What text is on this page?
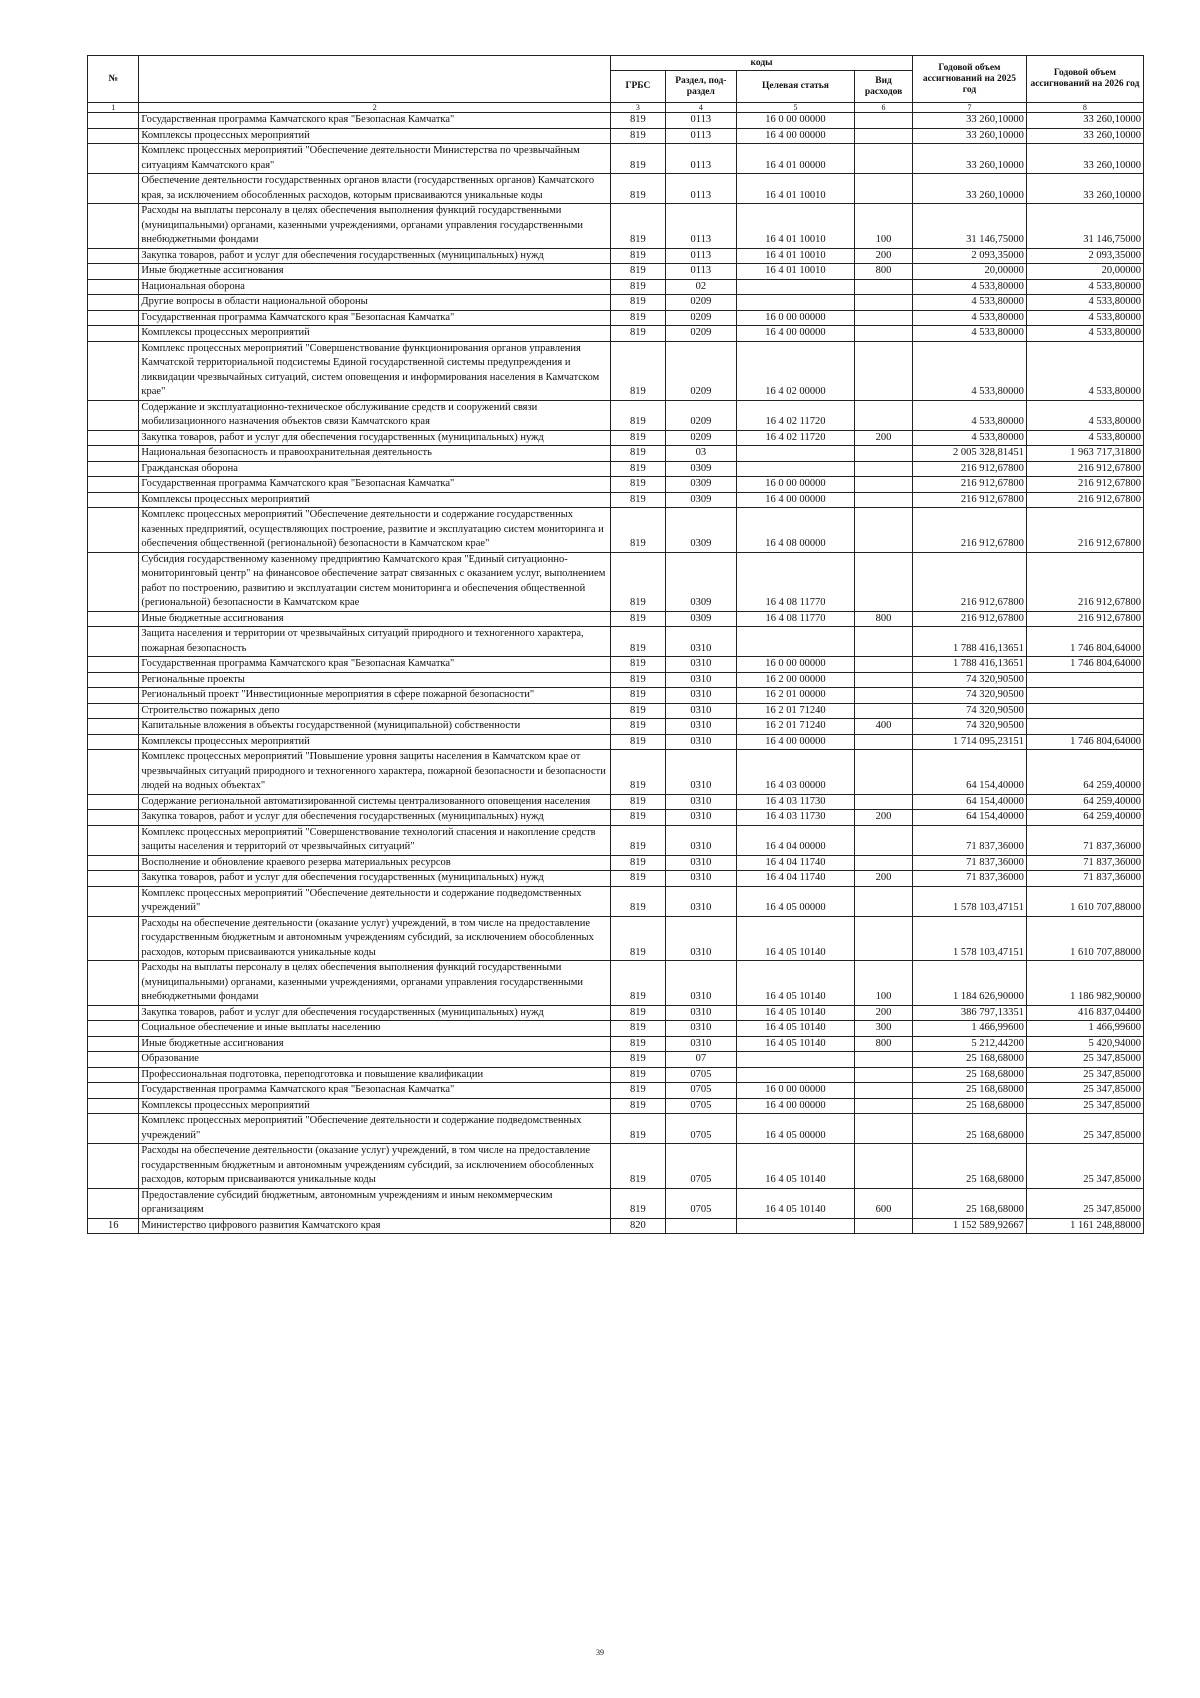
№		коды				Годовой объем ассигнований на 2025 год	Годовой объем ассигнований на 2026 год
		ГРБС	Раздел, под-раздел	Целевая статья	Вид расходов		
1	2	3	4	5	6	7	8
	Государственная программа Камчатского края "Безопасная Камчатка"	819	0113	16 0 00 00000		33 260,10000	33 260,10000
	Комплексы процессных мероприятий	819	0113	16 4 00 00000		33 260,10000	33 260,10000
	Комплекс процессных мероприятий "Обеспечение деятельности Министерства по чрезвычайным ситуациям Камчатского края"	819	0113	16 4 01 00000		33 260,10000	33 260,10000
	Обеспечение деятельности государственных органов власти (государственных органов) Камчатского края, за исключением обособленных расходов, которым присваиваются уникальные коды	819	0113	16 4 01 10010		33 260,10000	33 260,10000
	Расходы на выплаты персоналу в целях обеспечения выполнения функций государственными (муниципальными) органами, казенными учреждениями, органами управления государственными внебюджетными фондами	819	0113	16 4 01 10010	100	31 146,75000	31 146,75000
	Закупка товаров, работ и услуг для обеспечения государственных (муниципальных) нужд	819	0113	16 4 01 10010	200	2 093,35000	2 093,35000
	Иные бюджетные ассигнования	819	0113	16 4 01 10010	800	20,00000	20,00000
	Национальная оборона	819	02			4 533,80000	4 533,80000
	Другие вопросы в области национальной обороны	819	0209			4 533,80000	4 533,80000
	Государственная программа Камчатского края "Безопасная Камчатка"	819	0209	16 0 00 00000		4 533,80000	4 533,80000
	Комплексы процессных мероприятий	819	0209	16 4 00 00000		4 533,80000	4 533,80000
	Комплекс процессных мероприятий "Совершенствование функционирования органов управления Камчатской территориальной подсистемы Единой государственной системы предупреждения и ликвидации чрезвычайных ситуаций, систем оповещения и информирования населения в Камчатском крае"	819	0209	16 4 02 00000		4 533,80000	4 533,80000
	Содержание и эксплуатационно-техническое обслуживание средств и сооружений связи мобилизационного назначения объектов связи Камчатского края	819	0209	16 4 02 11720		4 533,80000	4 533,80000
	Закупка товаров, работ и услуг для обеспечения государственных (муниципальных) нужд	819	0209	16 4 02 11720	200	4 533,80000	4 533,80000
	Национальная безопасность и правоохранительная деятельность	819	03			2 005 328,81451	1 963 717,31800
	Гражданская оборона	819	0309			216 912,67800	216 912,67800
	Государственная программа Камчатского края "Безопасная Камчатка"	819	0309	16 0 00 00000		216 912,67800	216 912,67800
	Комплексы процессных мероприятий	819	0309	16 4 00 00000		216 912,67800	216 912,67800
	Комплекс процессных мероприятий "Обеспечение деятельности и содержание государственных казенных предприятий, осуществляющих построение, развитие и эксплуатацию систем мониторинга и обеспечения общественной (региональной) безопасности в Камчатском крае"	819	0309	16 4 08 00000		216 912,67800	216 912,67800
	Субсидия государственному казенному предприятию Камчатского края "Единый ситуационно-мониторинговый центр" на финансовое обеспечение затрат связанных с оказанием услуг, выполнением работ по построению, развитию и эксплуатации систем мониторинга и обеспечения общественной (региональной) безопасности в Камчатском крае	819	0309	16 4 08 11770		216 912,67800	216 912,67800
	Иные бюджетные ассигнования	819	0309	16 4 08 11770	800	216 912,67800	216 912,67800
	Защита населения и территории от чрезвычайных ситуаций природного и техногенного характера, пожарная безопасность	819	0310			1 788 416,13651	1 746 804,64000
	Государственная программа Камчатского края "Безопасная Камчатка"	819	0310	16 0 00 00000		1 788 416,13651	1 746 804,64000
	Региональные проекты	819	0310	16 2 00 00000		74 320,90500	
	Региональный проект "Инвестиционные мероприятия в сфере пожарной безопасности"	819	0310	16 2 01 00000		74 320,90500	
	Строительство пожарных депо	819	0310	16 2 01 71240		74 320,90500	
	Капитальные вложения в объекты государственной (муниципальной) собственности	819	0310	16 2 01 71240	400	74 320,90500	
	Комплексы процессных мероприятий	819	0310	16 4 00 00000		1 714 095,23151	1 746 804,64000
	Комплекс процессных мероприятий "Повышение уровня защиты населения в Камчатском крае от чрезвычайных ситуаций природного и техногенного характера, пожарной безопасности и безопасности людей на водных объектах"	819	0310	16 4 03 00000		64 154,40000	64 259,40000
	Содержание региональной автоматизированной системы централизованного оповещения населения	819	0310	16 4 03 11730		64 154,40000	64 259,40000
	Закупка товаров, работ и услуг для обеспечения государственных (муниципальных) нужд	819	0310	16 4 03 11730	200	64 154,40000	64 259,40000
	Комплекс процессных мероприятий "Совершенствование технологий спасения и накопление средств защиты населения и территорий от чрезвычайных ситуаций"	819	0310	16 4 04 00000		71 837,36000	71 837,36000
	Восполнение и обновление краевого резерва материальных ресурсов	819	0310	16 4 04 11740		71 837,36000	71 837,36000
	Закупка товаров, работ и услуг для обеспечения государственных (муниципальных) нужд	819	0310	16 4 04 11740	200	71 837,36000	71 837,36000
	Комплекс процессных мероприятий "Обеспечение деятельности и содержание подведомственных учреждений"	819	0310	16 4 05 00000		1 578 103,47151	1 610 707,88000
	Расходы на обеспечение деятельности (оказание услуг) учреждений, в том числе на предоставление государственным бюджетным и автономным учреждениям субсидий, за исключением обособленных расходов, которым присваиваются уникальные коды	819	0310	16 4 05 10140		1 578 103,47151	1 610 707,88000
	Расходы на выплаты персоналу в целях обеспечения выполнения функций государственными (муниципальными) органами, казенными учреждениями, органами управления государственными внебюджетными фондами	819	0310	16 4 05 10140	100	1 184 626,90000	1 186 982,90000
	Закупка товаров, работ и услуг для обеспечения государственных (муниципальных) нужд	819	0310	16 4 05 10140	200	386 797,13351	416 837,04400
	Социальное обеспечение и иные выплаты населению	819	0310	16 4 05 10140	300	1 466,99600	1 466,99600
	Иные бюджетные ассигнования	819	0310	16 4 05 10140	800	5 212,44200	5 420,94000
	Образование	819	07			25 168,68000	25 347,85000
	Профессиональная подготовка, переподготовка и повышение квалификации	819	0705			25 168,68000	25 347,85000
	Государственная программа Камчатского края "Безопасная Камчатка"	819	0705	16 0 00 00000		25 168,68000	25 347,85000
	Комплексы процессных мероприятий	819	0705	16 4 00 00000		25 168,68000	25 347,85000
	Комплекс процессных мероприятий "Обеспечение деятельности и содержание подведомственных учреждений"	819	0705	16 4 05 00000		25 168,68000	25 347,85000
	Расходы на обеспечение деятельности (оказание услуг) учреждений, в том числе на предоставление государственным бюджетным и автономным учреждениям субсидий, за исключением обособленных расходов, которым присваиваются уникальные коды	819	0705	16 4 05 10140		25 168,68000	25 347,85000
	Предоставление субсидий бюджетным, автономным учреждениям и иным некоммерческим организациям	819	0705	16 4 05 10140	600	25 168,68000	25 347,85000
16	Министерство цифрового развития Камчатского края	820				1 152 589,92667	1 161 248,88000
39
